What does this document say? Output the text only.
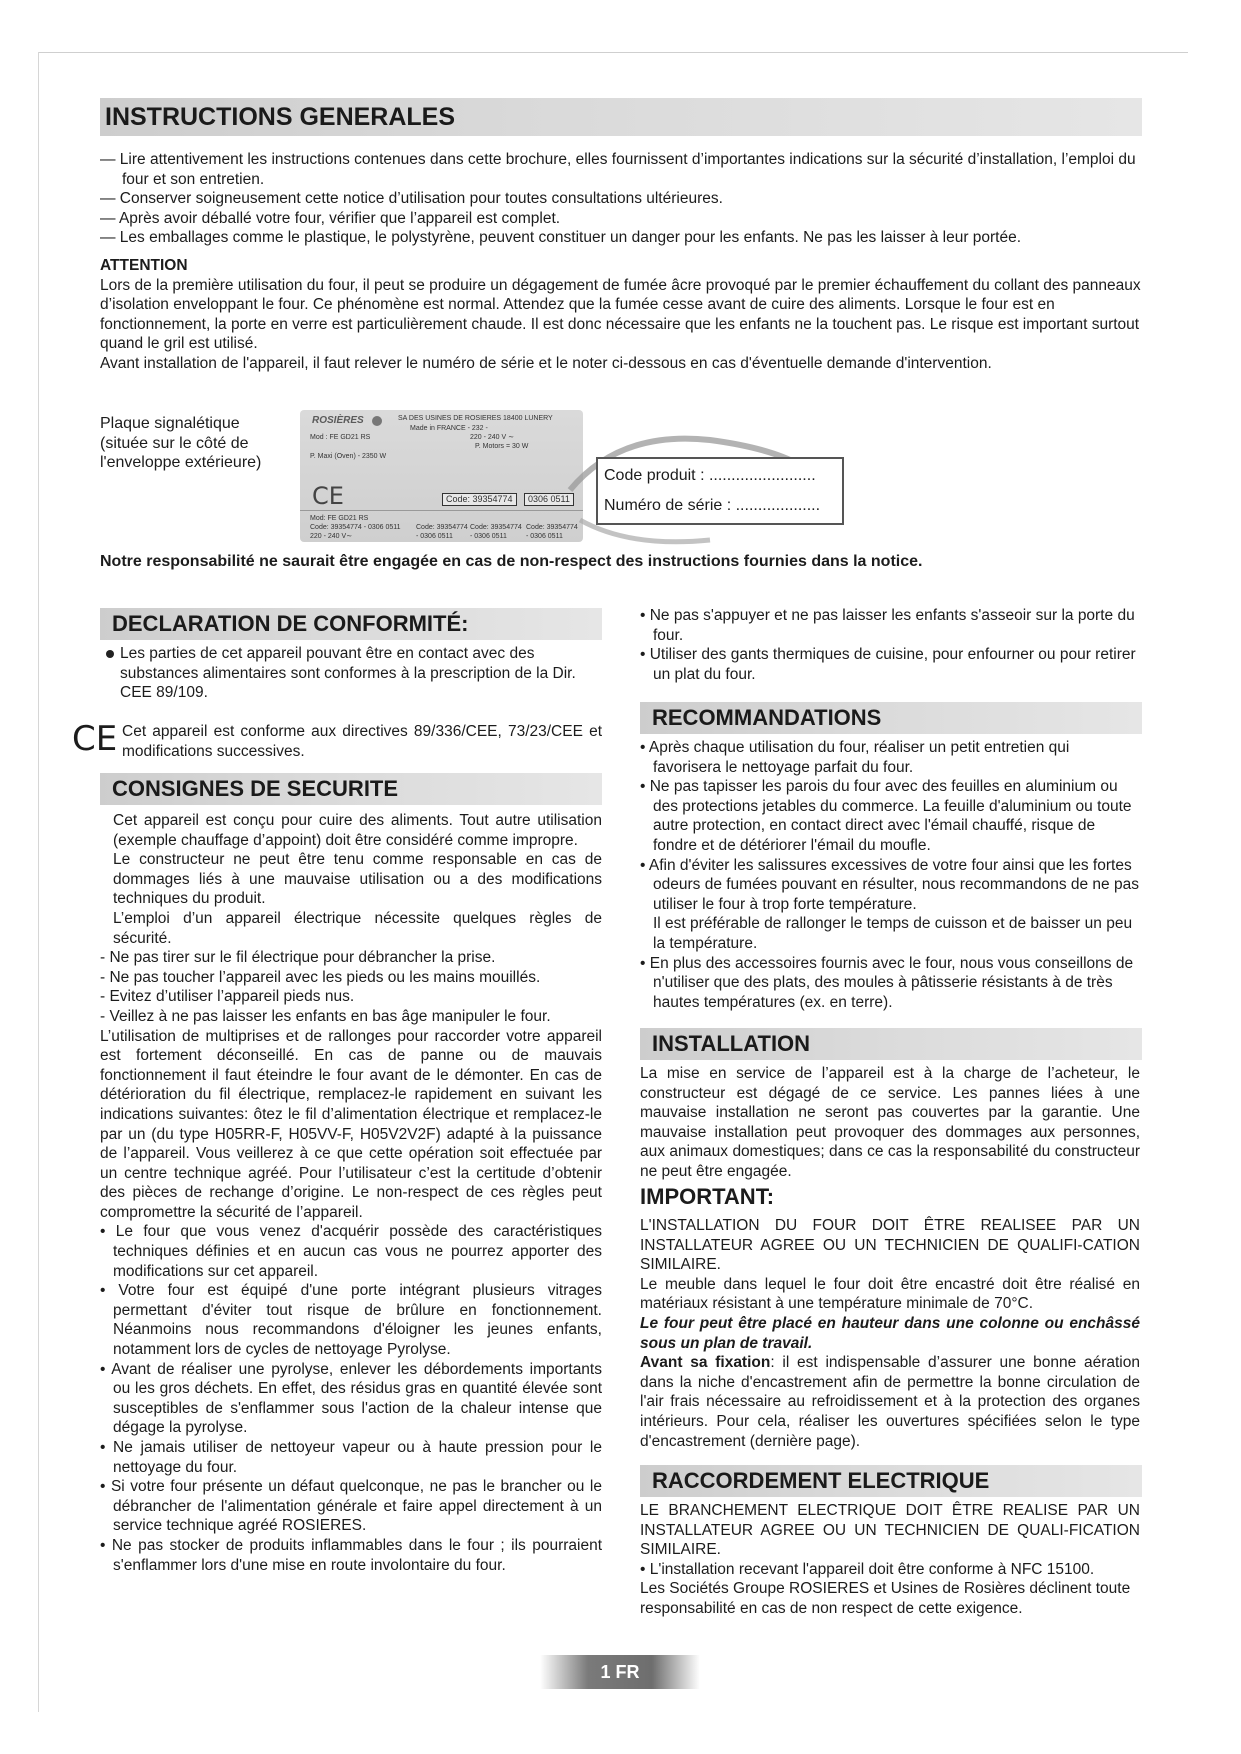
INSTRUCTIONS GENERALES

— Lire attentivement les instructions contenues dans cette brochure, elles fournissent d’importantes indications sur la sécurité d’installation, l’emploi du four et son entretien.

— Conserver soigneusement cette notice d’utilisation pour toutes consultations ultérieures.

— Après avoir déballé votre four, vérifier que l’appareil est complet.

— Les emballages comme le plastique, le polystyrène, peuvent constituer un danger pour les enfants. Ne pas les laisser à leur portée.

ATTENTION

Lors de la première utilisation du four, il peut se produire un dégagement de fumée âcre provoqué par le premier échauffement du collant des panneaux d’isolation enveloppant le four. Ce phénomène est normal. Attendez que la fumée cesse avant de cuire des aliments. Lorsque le four est en fonctionnement, la porte en verre est particulièrement chaude. Il est donc nécessaire que les enfants ne la touchent pas. Le risque est important surtout quand le gril est utilisé.

Avant installation de l'appareil, il faut relever le numéro de série et le noter ci-dessous en cas d'éventuelle demande d'intervention.

Plaque signalétique

(située sur le côté de

l'enveloppe extérieure)

ROSIÈRES	SA DES USINES DE ROSIERES 18400 LUNERY
Made in FRANCE - 232 -
Mod : FE GD21 RS	220 - 240 V ∼
P. Motors = 30 W
P. Maxi (Oven) - 2350 W
CE	Code: 39354774	0306 0511
Mod: FE GD21 RS
Code: 39354774 - 0306 0511
220 - 240 V∼
Code: 39354774
- 0306 0511
Code: 39354774
- 0306 0511
Code: 39354774
- 0306 0511
Code produit : ........................
Numéro de série : ...................
Notre responsabilité ne saurait être engagée en cas de non-respect des instructions fournies dans la notice.
DECLARATION DE CONFORMITÉ:

Les parties de cet appareil pouvant être en contact avec des substances alimentaires sont conformes à la prescription de la Dir. CEE 89/109.

CE Cet appareil est conforme aux directives 89/336/CEE, 73/23/CEE et modifications successives.
CONSIGNES DE SECURITE

Cet appareil est conçu pour cuire des aliments. Tout autre utilisation (exemple chauffage d’appoint) doit être considéré comme impropre.

Le constructeur ne peut être tenu comme responsable en cas de dommages liés à une mauvaise utilisation ou a des modifications techniques du produit.

L’emploi d’un appareil électrique nécessite quelques règles de sécurité.

- Ne pas tirer sur le fil électrique pour débrancher la prise.

- Ne pas toucher l’appareil avec les pieds ou les mains mouillés.

- Evitez d’utiliser l’appareil pieds nus.

- Veillez à ne pas laisser les enfants en bas âge manipuler le four.

L’utilisation de multiprises et de rallonges pour raccorder votre appareil est fortement déconseillé. En cas de panne ou de mauvais fonctionnement il faut éteindre le four avant de le démonter. En cas de détérioration du fil électrique, remplacez-le rapidement en suivant les indications suivantes: ôtez le fil d’alimentation électrique et remplacez-le par un (du type H05RR-F, H05VV-F, H05V2V2F) adapté à la puissance de l’appareil. Vous veillerez à ce que cette opération soit effectuée par un centre technique agréé. Pour l’utilisateur c’est la certitude d’obtenir des pièces de rechange d’origine. Le non-respect de ces règles peut compromettre la sécurité de l’appareil.

• Le four que vous venez d'acquérir possède des caractéristiques techniques définies et en aucun cas vous ne pourrez apporter des modifications sur cet appareil.

• Votre four est équipé d'une porte intégrant plusieurs vitrages permettant d'éviter tout risque de brûlure en fonctionnement. Néanmoins nous recommandons d'éloigner les jeunes enfants, notamment lors de cycles de nettoyage Pyrolyse.

• Avant de réaliser une pyrolyse, enlever les débordements importants ou les gros déchets. En effet, des résidus gras en quantité élevée sont susceptibles de s'enflammer sous l'action de la chaleur intense que dégage la pyrolyse.

• Ne jamais utiliser de nettoyeur vapeur ou à haute pression pour le nettoyage du four.

• Si votre four présente un défaut quelconque, ne pas le brancher ou le débrancher de l'alimentation générale et faire appel directement à un service technique agréé ROSIERES.

• Ne pas stocker de produits inflammables dans le four ; ils pourraient s'enflammer lors d'une mise en route involontaire du four.

• Ne pas s'appuyer et ne pas laisser les enfants s'asseoir sur la porte du four.

• Utiliser des gants thermiques de cuisine, pour enfourner ou pour retirer un plat du four.

RECOMMANDATIONS

• Après chaque utilisation du four, réaliser un petit entretien qui favorisera le nettoyage parfait du four.

• Ne pas tapisser les parois du four avec des feuilles en aluminium ou des protections jetables du commerce. La feuille d'aluminium ou toute autre protection, en contact direct avec l'émail chauffé, risque de fondre et de détériorer l'émail du moufle.

• Afin d'éviter les salissures excessives de votre four ainsi que les fortes odeurs de fumées pouvant en résulter, nous recommandons de ne pas utiliser le four à trop forte température.

Il est préférable de rallonger le temps de cuisson et de baisser un peu la température.

• En plus des accessoires fournis avec le four, nous vous conseillons de n'utiliser que des plats, des moules à pâtisserie résistants à de très hautes températures (ex. en terre).

INSTALLATION
La mise en service de l’appareil est à la charge de l’acheteur, le constructeur est dégagé de ce service. Les pannes liées à une mauvaise installation ne seront pas couvertes par la garantie. Une mauvaise installation peut provoquer des dommages aux personnes, aux animaux domestiques; dans ce cas la responsabilité du constructeur ne peut être engagée.
IMPORTANT:

L'INSTALLATION DU FOUR DOIT ÊTRE REALISEE PAR UN INSTALLATEUR AGREE OU UN TECHNICIEN DE QUALIFI-CATION SIMILAIRE.

Le meuble dans lequel le four doit être encastré doit être réalisé en matériaux résistant à une température minimale de 70°C.

Le four peut être placé en hauteur dans une colonne ou enchâssé sous un plan de travail.

Avant sa fixation: il est indispensable d’assurer une bonne aération dans la niche d'encastrement afin de permettre la bonne circulation de l'air frais nécessaire au refroidissement et à la protection des organes intérieurs. Pour cela, réaliser les ouvertures spécifiées selon le type d'encastrement (dernière page).

RACCORDEMENT ELECTRIQUE

LE BRANCHEMENT ELECTRIQUE DOIT ÊTRE REALISE PAR UN INSTALLATEUR AGREE OU UN TECHNICIEN DE QUALI-FICATION SIMILAIRE.

• L'installation recevant l'appareil doit être conforme à NFC 15100.

Les Sociétés Groupe ROSIERES et Usines de Rosières déclinent toute responsabilité en cas de non respect de cette exigence.

1 FR
